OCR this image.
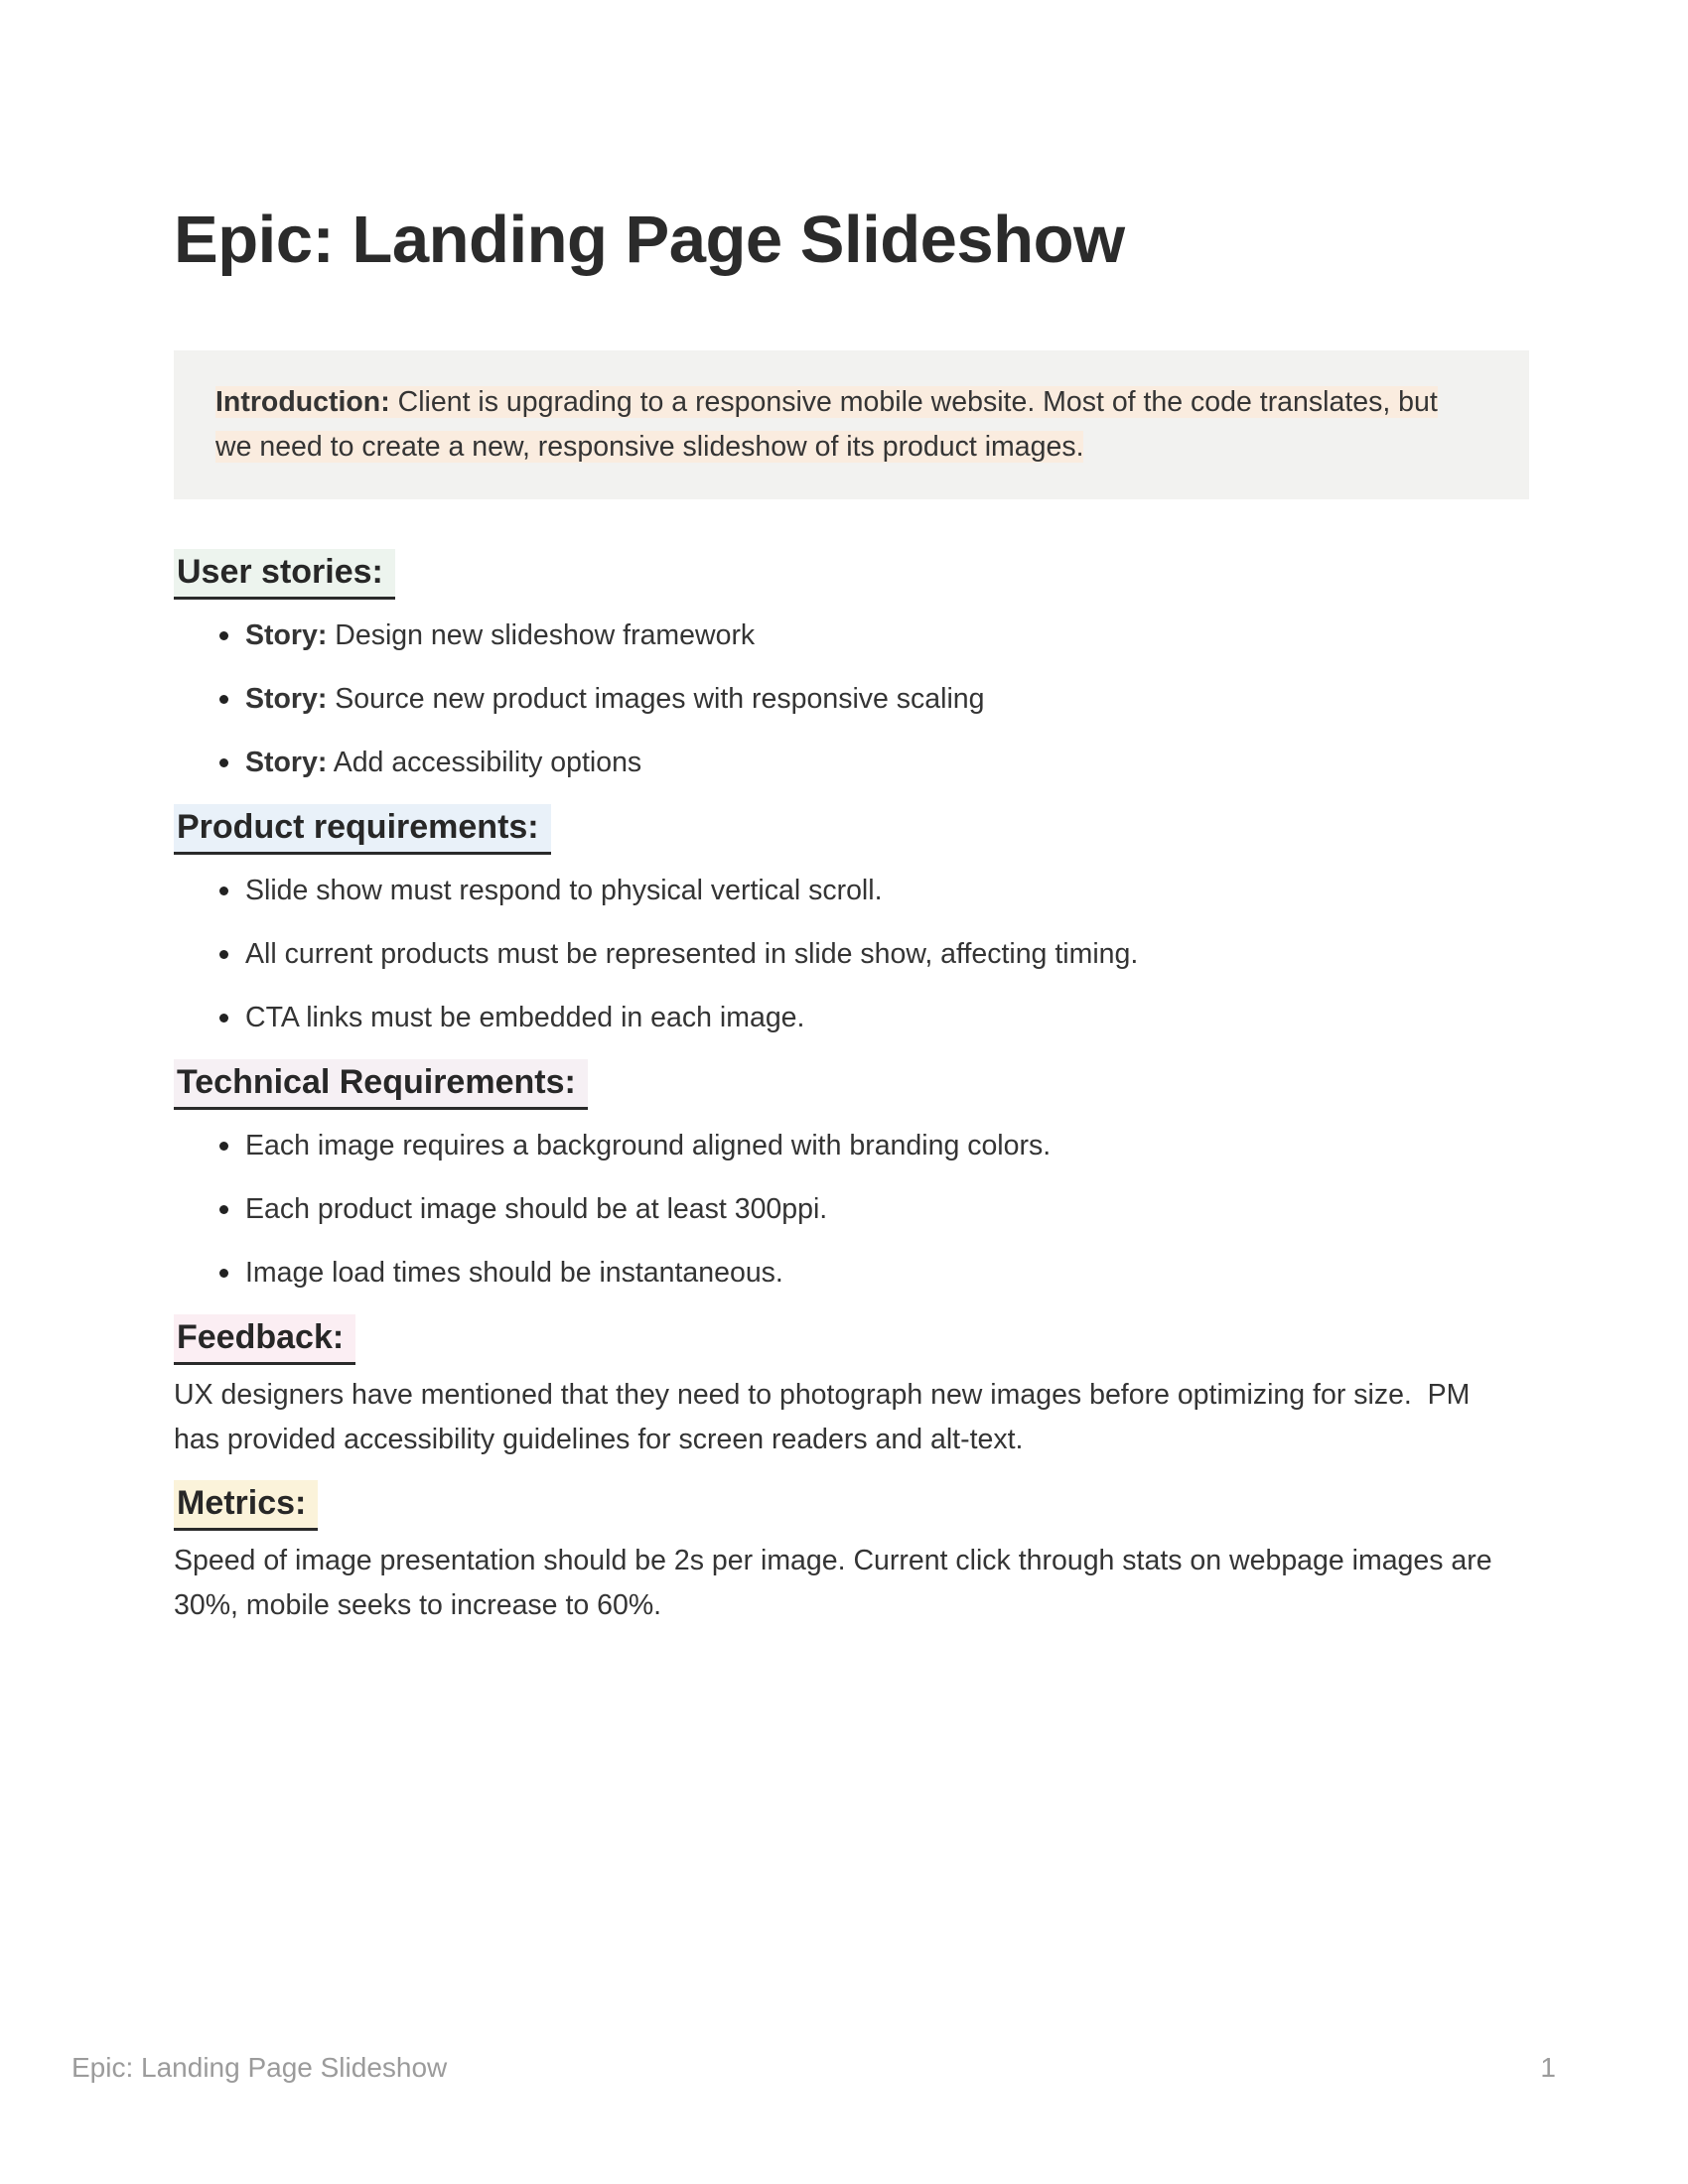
Epic: Landing Page Slideshow

Introduction: Client is upgrading to a responsive mobile website. Most of the code translates, but we need to create a new, responsive slideshow of its product images.

User stories:
Story: Design new slideshow framework
Story: Source new product images with responsive scaling
Story: Add accessibility options
Product requirements:
Slide show must respond to physical vertical scroll.
All current products must be represented in slide show, affecting timing.
CTA links must be embedded in each image.
Technical Requirements:
Each image requires a background aligned with branding colors.
Each product image should be at least 300ppi.
Image load times should be instantaneous.
Feedback:

UX designers have mentioned that they need to photograph new images before optimizing for size.  PM has provided accessibility guidelines for screen readers and alt-text.

Metrics:

Speed of image presentation should be 2s per image. Current click through stats on webpage images are 30%, mobile seeks to increase to 60%.

Epic: Landing Page Slideshow	1
